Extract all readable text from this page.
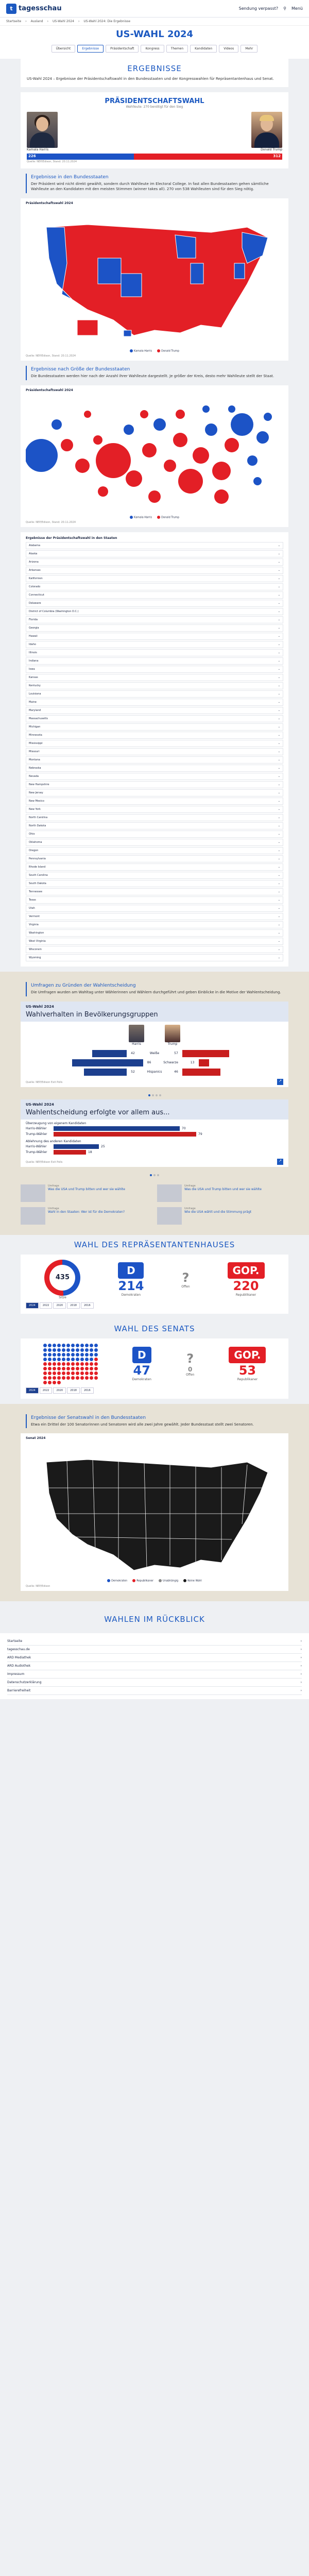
t tagesschau	Sendung verpasst? ⚲ Menü
Startseite › Ausland › US-Wahl 2024 › US-Wahl 2024: Die Ergebnisse
US-WAHL 2024
Übersicht	Ergebnisse	Präsidentschaft	Kongress	Themen	Kandidaten	Videos	Mehr
ERGEBNISSE

US-Wahl 2024 – Ergebnisse der Präsidentschaftswahl in den Bundesstaaten und der Kongresswahlen für Repräsentantenhaus und Senat.

PRÄSIDENTSCHAFTSWAHL
Wahlleute: 270 benötigt für den Sieg
Kamala Harris	Donald Trump
226	312
Quelle: NEP/Edison, Stand: 20.11.2024
Ergebnisse in den Bundesstaaten

Der Präsident wird nicht direkt gewählt, sondern durch Wahlleute im Electoral College. In fast allen Bundesstaaten gehen sämtliche Wahlleute an den Kandidaten mit den meisten Stimmen (winner takes all). 270 von 538 Wahlleuten sind für den Sieg nötig.

Präsidentschaftswahl 2024
Kamala Harris	Donald Trump
Quelle: NEP/Edison, Stand: 20.11.2024
Ergebnisse nach Größe der Bundesstaaten

Die Bundesstaaten werden hier nach der Anzahl ihrer Wahlleute dargestellt. Je größer der Kreis, desto mehr Wahlleute stellt der Staat.

Präsidentschaftswahl 2024
Kamala Harris	Donald Trump
Quelle: NEP/Edison, Stand: 20.11.2024
Ergebnisse der Präsidentschaftswahl in den Staaten
Alabama	⌄
Alaska	⌄
Arizona	⌄
Arkansas	⌄
Kalifornien	⌄
Colorado	⌄
Connecticut	⌄
Delaware	⌄
District of Columbia (Washington D.C.)	⌄
Florida	⌄
Georgia	⌄
Hawaii	⌄
Idaho	⌄
Illinois	⌄
Indiana	⌄
Iowa	⌄
Kansas	⌄
Kentucky	⌄
Louisiana	⌄
Maine	⌄
Maryland	⌄
Massachusetts	⌄
Michigan	⌄
Minnesota	⌄
Mississippi	⌄
Missouri	⌄
Montana	⌄
Nebraska	⌄
Nevada	⌄
New Hampshire	⌄
New Jersey	⌄
New Mexico	⌄
New York	⌄
North Carolina	⌄
North Dakota	⌄
Ohio	⌄
Oklahoma	⌄
Oregon	⌄
Pennsylvania	⌄
Rhode Island	⌄
South Carolina	⌄
South Dakota	⌄
Tennessee	⌄
Texas	⌄
Utah	⌄
Vermont	⌄
Virginia	⌄
Washington	⌄
West Virginia	⌄
Wisconsin	⌄
Wyoming	⌄
Umfragen zu Gründen der Wahlentscheidung

Die Umfragen wurden am Wahltag unter Wählerinnen und Wählern durchgeführt und geben Einblicke in die Motive der Wahlentscheidung.

US-Wahl 2024
Wahlverhalten in Bevölkerungsgruppen
Harris	Trump
42	Weiße	57
86	Schwarze	13
52	Hispanics	46
Quelle: NEP/Edison Exit Polls	↗
US-Wahl 2024
Wahlentscheidung erfolgte vor allem aus...
Überzeugung von eigenem Kandidaten
Harris-Wähler	70
Trump-Wähler	79
Ablehnung des anderen Kandidaten
Harris-Wähler	25
Trump-Wähler	18
Quelle: NEP/Edison Exit Polls	↗
Umfrage
Was die USA und Trump bitten und wer sie wählte
Umfrage
Was die USA und Trump bitten und wer sie wählte
Umfrage
Wahl in den Staaten: Wer ist für die Demokraten?
Umfrage
Wie die USA wählt und die Stimmung prägt
WAHL DES REPRÄSENTANTENHAUSES
435
Sitze
D
214
Demokraten
?
Offen
GOP.
220
Republikaner
2024	2022	2020	2018	2016
WAHL DES SENATS
D
47
Demokraten
?
0
Offen
GOP.
53
Republikaner
2024	2022	2020	2018	2016
Ergebnisse der Senatswahl in den Bundesstaaten

Etwa ein Drittel der 100 Senatorinnen und Senatoren wird alle zwei Jahre gewählt. Jeder Bundesstaat stellt zwei Senatoren.

Senat 2024
Demokraten	Republikaner	Unabhängig	Keine Wahl
Quelle: NEP/Edison
WAHLEN IM RÜCKBLICK
Startseite	›
tagesschau.de	›
ARD Mediathek	›
ARD Audiothek	›
Impressum	›
Datenschutzerklärung	›
Barrierefreiheit	›
